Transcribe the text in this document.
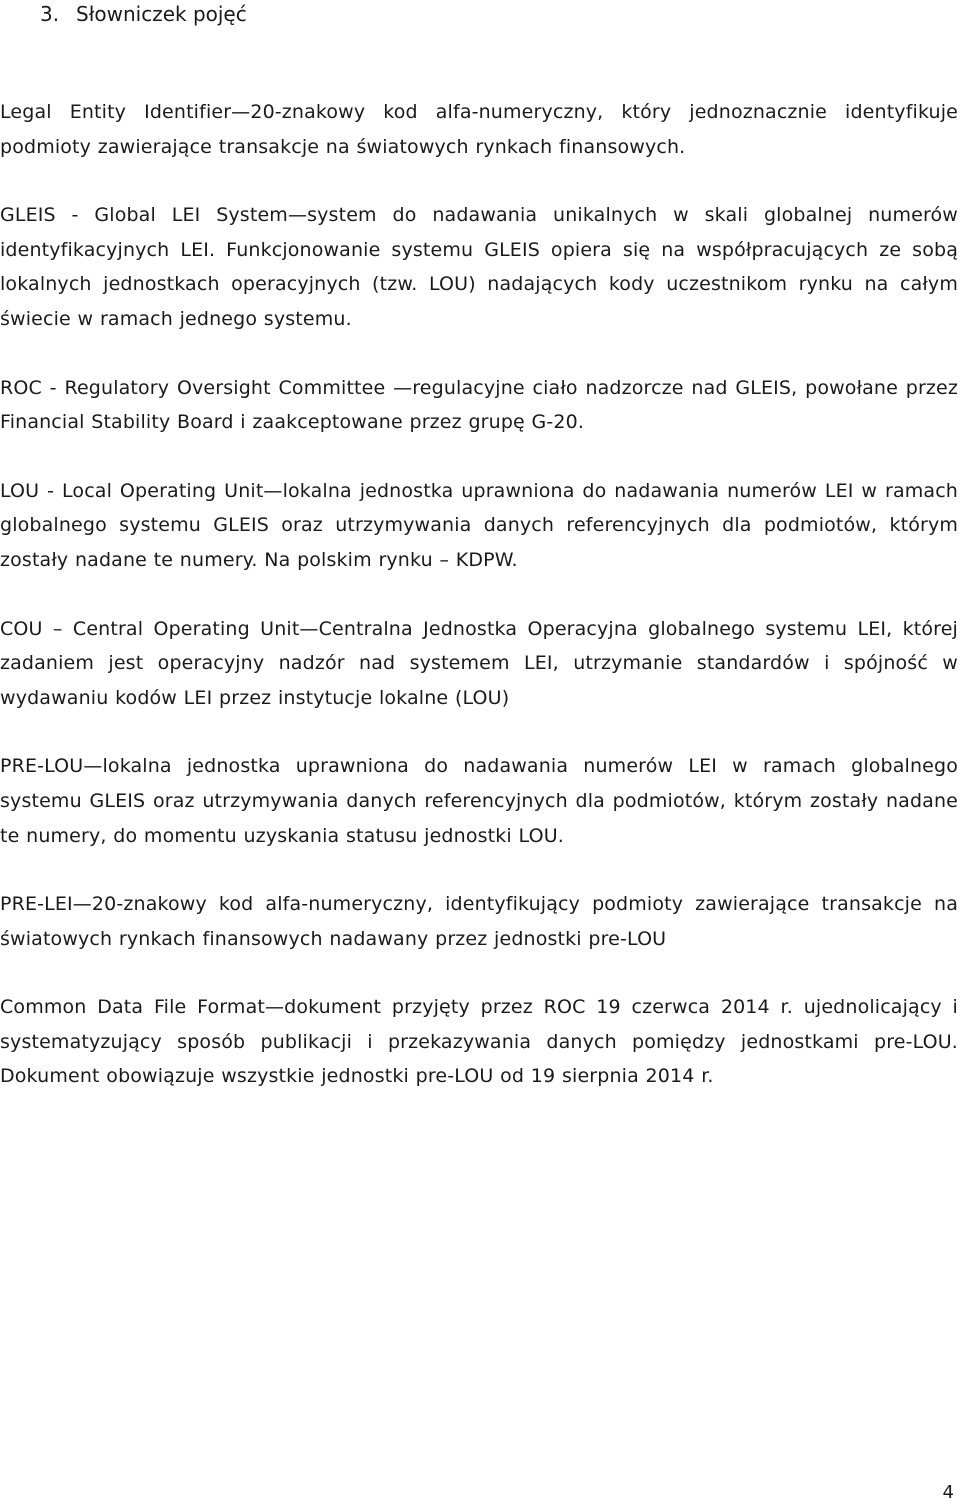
3. Słowniczek pojęć

Legal Entity Identifier—20-znakowy kod alfa-numeryczny, który jednoznacznie identyfikuje podmioty zawierające transakcje na światowych rynkach finansowych.

GLEIS - Global LEI System—system do nadawania unikalnych w skali globalnej numerów identyfikacyjnych LEI. Funkcjonowanie systemu GLEIS opiera się na współpracujących ze sobą lokalnych jednostkach operacyjnych (tzw. LOU) nadających kody uczestnikom rynku na całym świecie w ramach jednego systemu.

ROC - Regulatory Oversight Committee —regulacyjne ciało nadzorcze nad GLEIS, powołane przez Financial Stability Board i zaakceptowane przez grupę G-20.

LOU - Local Operating Unit—lokalna jednostka uprawniona do nadawania numerów LEI w ramach globalnego systemu GLEIS oraz utrzymywania danych referencyjnych dla podmiotów, którym zostały nadane te numery. Na polskim rynku – KDPW.

COU – Central Operating Unit—Centralna Jednostka Operacyjna globalnego systemu LEI, której zadaniem jest operacyjny nadzór nad systemem LEI, utrzymanie standardów i spójność w wydawaniu kodów LEI przez instytucje lokalne (LOU)

PRE-LOU—lokalna jednostka uprawniona do nadawania numerów LEI w ramach globalnego systemu GLEIS oraz utrzymywania danych referencyjnych dla podmiotów, którym zostały nadane te numery, do momentu uzyskania statusu jednostki LOU.

PRE-LEI—20-znakowy kod alfa-numeryczny, identyfikujący podmioty zawierające transakcje na światowych rynkach finansowych nadawany przez jednostki pre-LOU

Common Data File Format—dokument przyjęty przez ROC 19 czerwca 2014 r. ujednolicający i systematyzujący sposób publikacji i przekazywania danych pomiędzy jednostkami pre-LOU. Dokument obowiązuje wszystkie jednostki pre-LOU od 19 sierpnia 2014 r.

4
